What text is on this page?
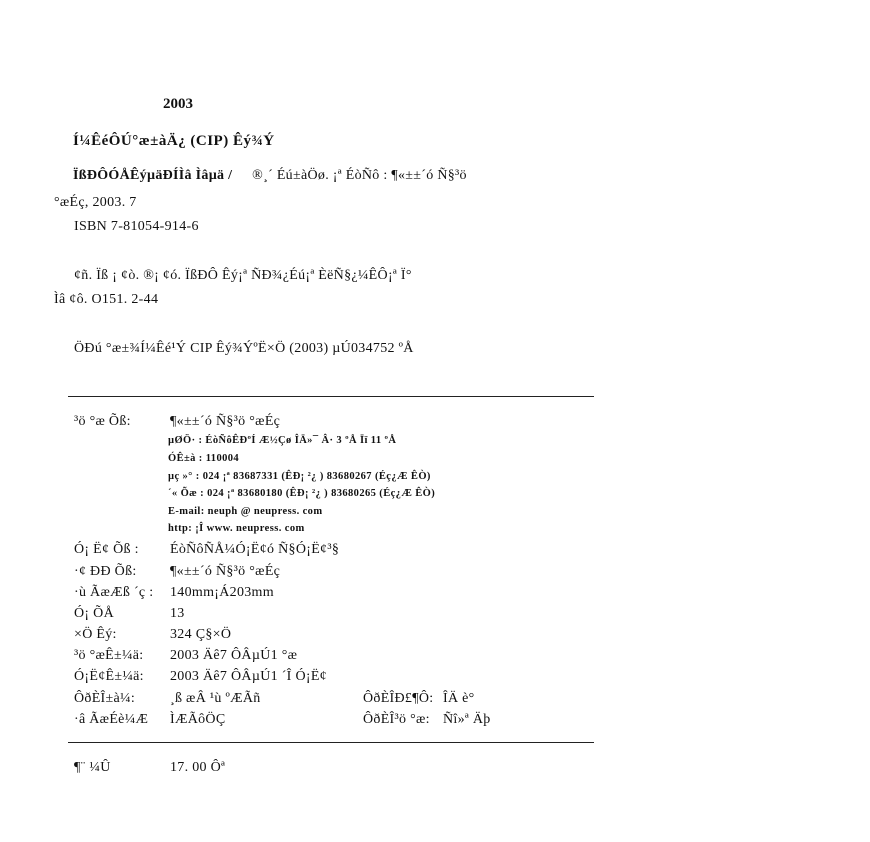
2003
Í¼ÊéÔÚ°æ±àÄ¿ (CIP) Êý¾Ý
ÏßÐÔÓÅÊýµäÐÍÌâ Ìâµä / ®¸´ Éú±àÖø. ¡ª ÉòÑô : ¶«±±´ó Ñ§³ö
°æÉç, 2003. 7
ISBN 7-81054-914-6
¢ñ. Ïß ¡ ¢ò. ®¡ ¢ó. ÏßÐÔ Êý¡ª ÑÐ¾¿Éú¡ª ÈëÑ§¿¼ÊÔ¡ª Ï°
Ìâ ¢ô. O151. 2-44
ÖÐú °æ±¾Í¼Êé¹Ý CIP Êý¾ÝºË×Ö (2003) µÚ034752 ºÅ
³ö °æ Õß:	¶«±±´ó Ñ§³ö °æÉç
µØÖ· : ÉòÑôÊÐºÍ Æ½Çø ÎÄ»¯ Â· 3 ºÅ Ïï 11 ºÅ
ÓÊ±à : 110004
µç »° : 024 ¡ª 83687331 (ÊÐ¡ ²¿ ) 83680267 (Éç¿Æ ÊÒ)
´« Õæ : 024 ¡ª 83680180 (ÊÐ¡ ²¿ ) 83680265 (Éç¿Æ ÊÒ)
E-mail: neuph @ neupress. com
http: ¡Î www. neupress. com
Ó¡ Ë¢ Õß : ÉòÑôÑÅ¼Ó¡Ë¢ó Ñ§Ó¡Ë¢³§
·¢ ÐÐ Õß: ¶«±±´ó Ñ§³ö °æÉç
·ù ÃæÆß ´ç : 140mm¡Á203mm
Ó¡ ÕÅ	13
×Ö Êý:	324 Ç§×Ö
³ö °æÊ±¼ä: 2003 Äê7 ÔÂµÚ1 °æ
Ó¡Ë¢Ê±¼ä: 2003 Äê7 ÔÂµÚ1 ´Î Ó¡Ë¢
ÔðÈÎ±à¼: ¸ß æÂ ¹ù ºÆÃñ	ÔðÈÎÐ£¶Ô: ÎÄ è°
·â ÃæÉè¼Æ ÌÆÃôÖÇ	ÔðÈÎ³ö °æ: Ñî»ª Äþ
¶¨ ¼Û	17. 00 Ôª
